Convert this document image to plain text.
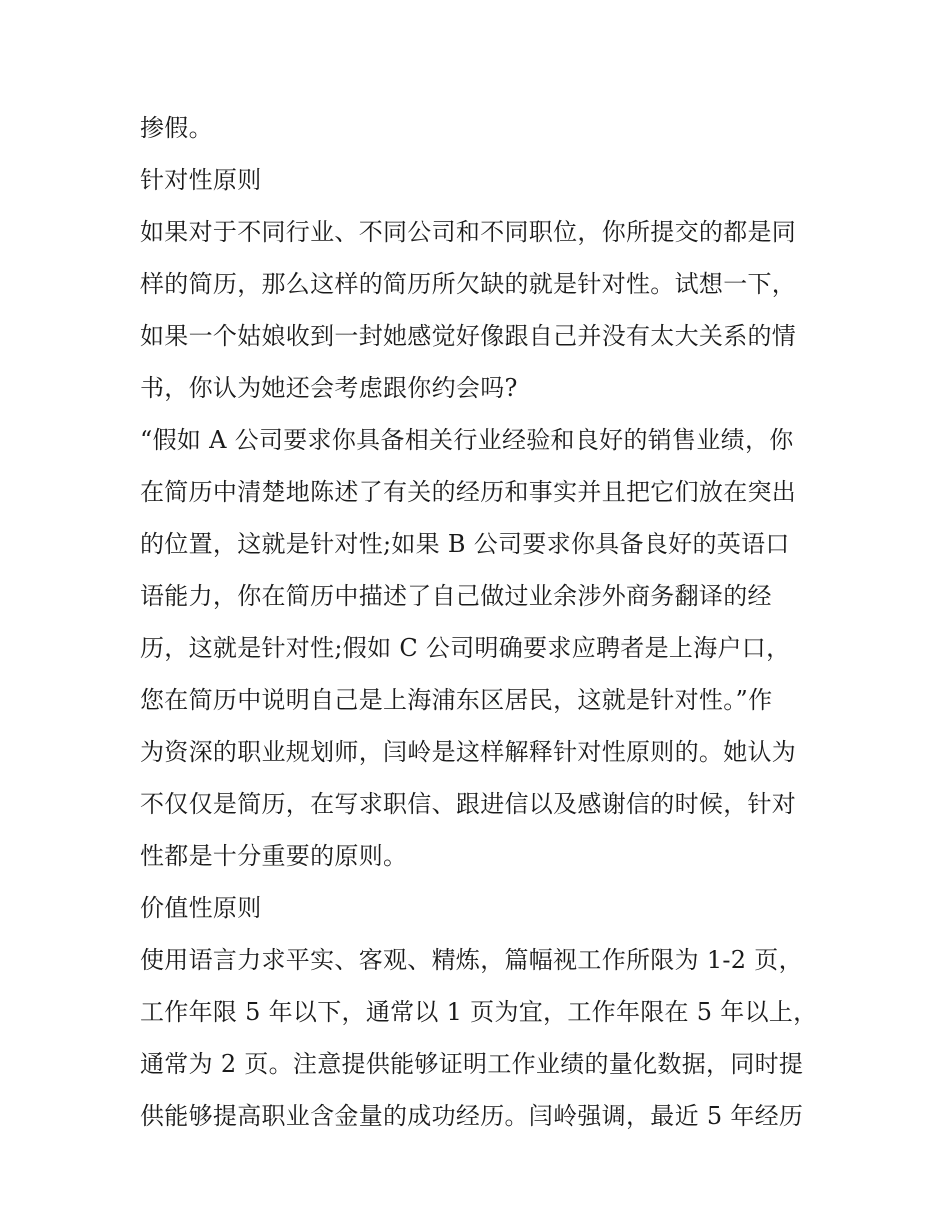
掺假。
针对性原则
如果对于不同行业、不同公司和不同职位，你所提交的都是同
样的简历，那么这样的简历所欠缺的就是针对性。试想一下，
如果一个姑娘收到一封她感觉好像跟自己并没有太大关系的情
书，你认为她还会考虑跟你约会吗?
“假如 A 公司要求你具备相关行业经验和良好的销售业绩，你
在简历中清楚地陈述了有关的经历和事实并且把它们放在突出
的位置，这就是针对性;如果 B 公司要求你具备良好的英语口
语能力，你在简历中描述了自己做过业余涉外商务翻译的经
历，这就是针对性;假如 C 公司明确要求应聘者是上海户口，
您在简历中说明自己是上海浦东区居民，这就是针对性。”作
为资深的职业规划师，闫岭是这样解释针对性原则的。她认为
不仅仅是简历，在写求职信、跟进信以及感谢信的时候，针对
性都是十分重要的原则。
价值性原则
使用语言力求平实、客观、精炼，篇幅视工作所限为 1-2 页，
工作年限 5 年以下，通常以 1 页为宜，工作年限在 5 年以上，
通常为 2 页。注意提供能够证明工作业绩的量化数据，同时提
供能够提高职业含金量的成功经历。闫岭强调，最近 5 年经历
